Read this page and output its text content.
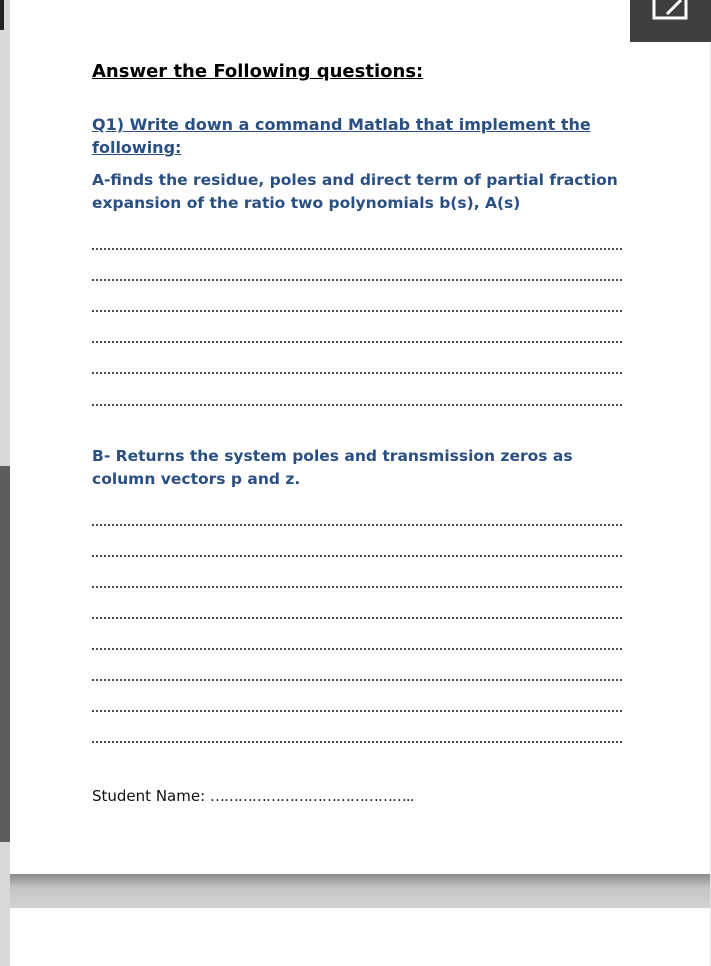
Answer the Following questions:

Q1) Write down a command Matlab that implement the following:

A-finds the residue, poles and direct term of partial fraction expansion of the ratio two polynomials b(s), A(s)

B- Returns the system poles and transmission zeros as column vectors p and z.

Student Name: ……………………………………..
